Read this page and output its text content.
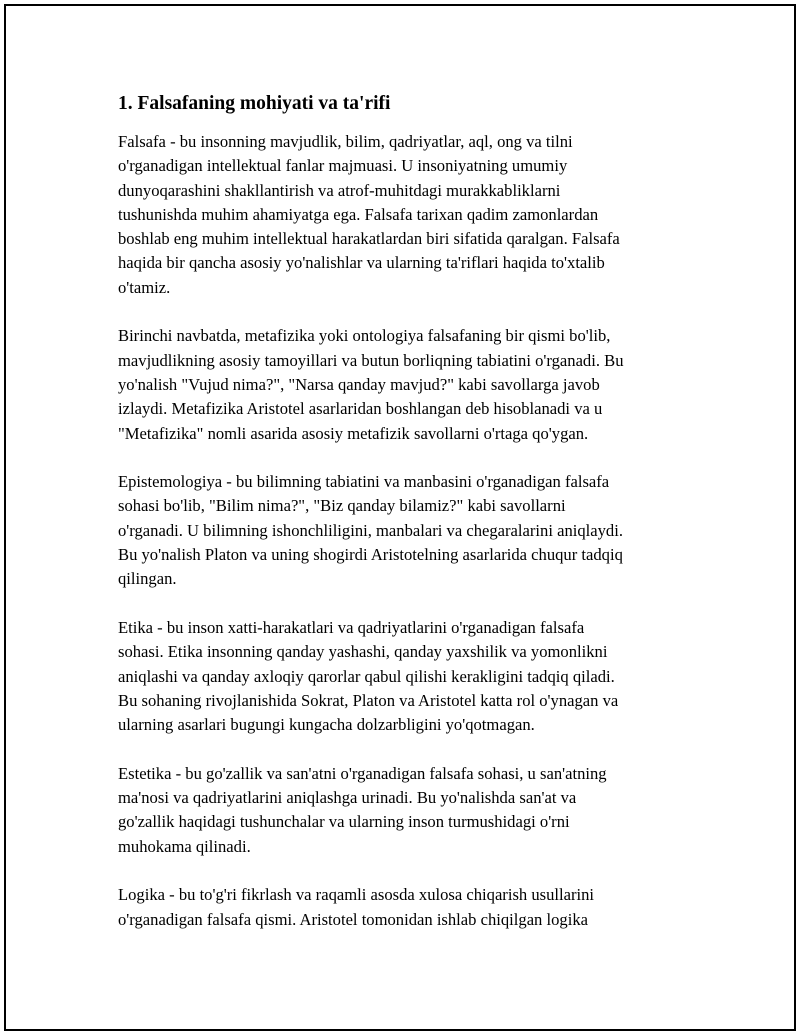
1. Falsafaning mohiyati va ta'rifi
Falsafa - bu insonning mavjudlik, bilim, qadriyatlar, aql, ong va tilni
o'rganadigan intellektual fanlar majmuasi. U insoniyatning umumiy
dunyoqarashini shakllantirish va atrof-muhitdagi murakkabliklarni
tushunishda muhim ahamiyatga ega. Falsafa tarixan qadim zamonlardan
boshlab eng muhim intellektual harakatlardan biri sifatida qaralgan. Falsafa
haqida bir qancha asosiy yo'nalishlar va ularning ta'riflari haqida to'xtalib
o'tamiz.
Birinchi navbatda, metafizika yoki ontologiya falsafaning bir qismi bo'lib,
mavjudlikning asosiy tamoyillari va butun borliqning tabiatini o'rganadi. Bu
yo'nalish "Vujud nima?", "Narsa qanday mavjud?" kabi savollarga javob
izlaydi. Metafizika Aristotel asarlaridan boshlangan deb hisoblanadi va u
"Metafizika" nomli asarida asosiy metafizik savollarni o'rtaga qo'ygan.
Epistemologiya - bu bilimning tabiatini va manbasini o'rganadigan falsafa
sohasi bo'lib, "Bilim nima?", "Biz qanday bilamiz?" kabi savollarni
o'rganadi. U bilimning ishonchliligini, manbalari va chegaralarini aniqlaydi.
Bu yo'nalish Platon va uning shogirdi Aristotelning asarlarida chuqur tadqiq
qilingan.
Etika - bu inson xatti-harakatlari va qadriyatlarini o'rganadigan falsafa
sohasi. Etika insonning qanday yashashi, qanday yaxshilik va yomonlikni
aniqlashi va qanday axloqiy qarorlar qabul qilishi kerakligini tadqiq qiladi.
Bu sohaning rivojlanishida Sokrat, Platon va Aristotel katta rol o'ynagan va
ularning asarlari bugungi kungacha dolzarbligini yo'qotmagan.
Estetika - bu go'zallik va san'atni o'rganadigan falsafa sohasi, u san'atning
ma'nosi va qadriyatlarini aniqlashga urinadi. Bu yo'nalishda san'at va
go'zallik haqidagi tushunchalar va ularning inson turmushidagi o'rni
muhokama qilinadi.
Logika - bu to'g'ri fikrlash va raqamli asosda xulosa chiqarish usullarini
o'rganadigan falsafa qismi. Aristotel tomonidan ishlab chiqilgan logika
